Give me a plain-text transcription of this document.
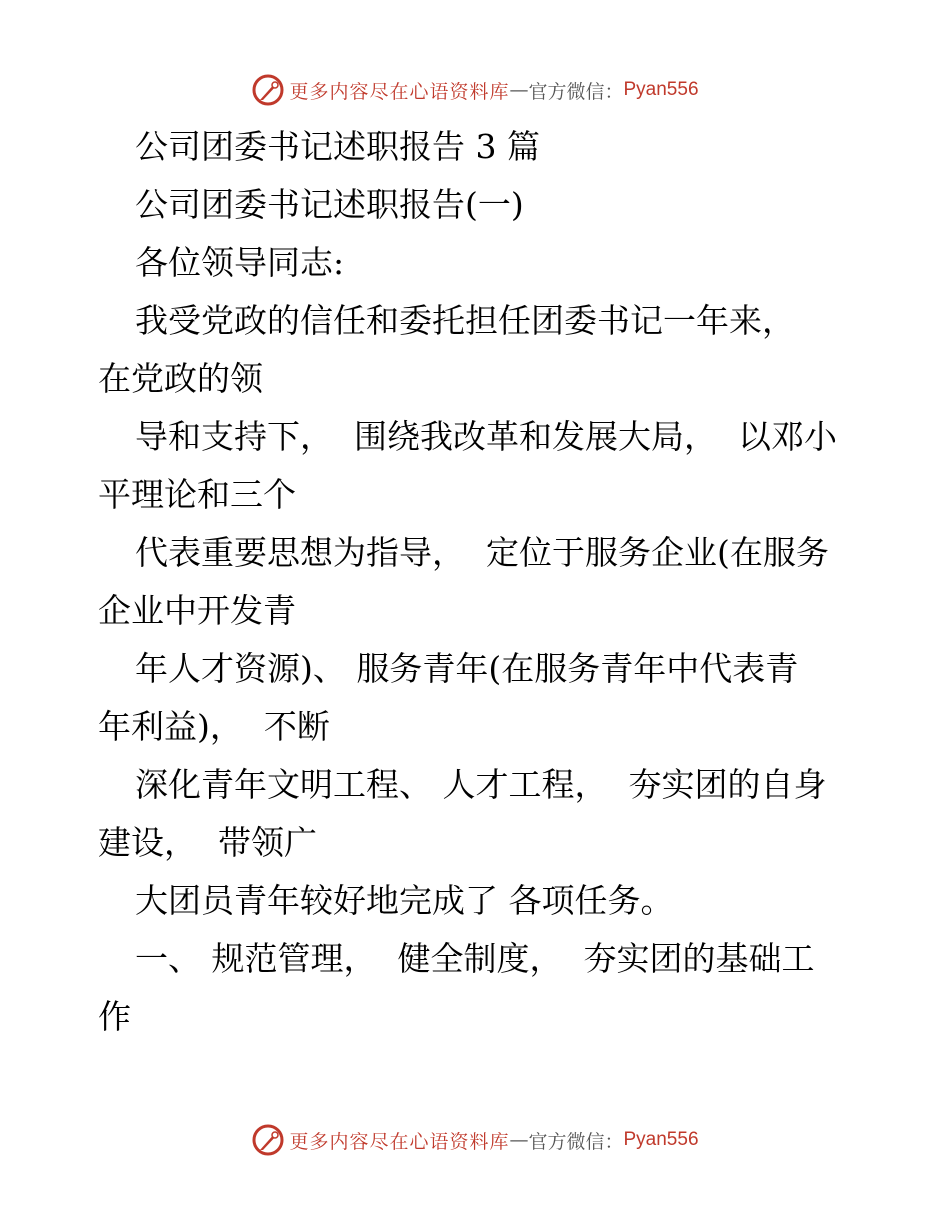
更多内容尽在心语资料库 — 官方微信： Pyan556
公司团委书记述职报告 3 篇
公司团委书记述职报告(一)
各位领导同志:
我受党政的信任和委托担任团委书记一年来，
在党政的领
导和支持下，  围绕我改革和发展大局，  以邓小
平理论和三个
代表重要思想为指导，  定位于服务企业(在服务
企业中开发青
年人才资源)、 服务青年(在服务青年中代表青
年利益)，  不断
深化青年文明工程、 人才工程，  夯实团的自身
建设，  带领广
大团员青年较好地完成了 各项任务。
一、 规范管理，  健全制度，  夯实团的基础工
作
更多内容尽在心语资料库 — 官方微信： Pyan556
